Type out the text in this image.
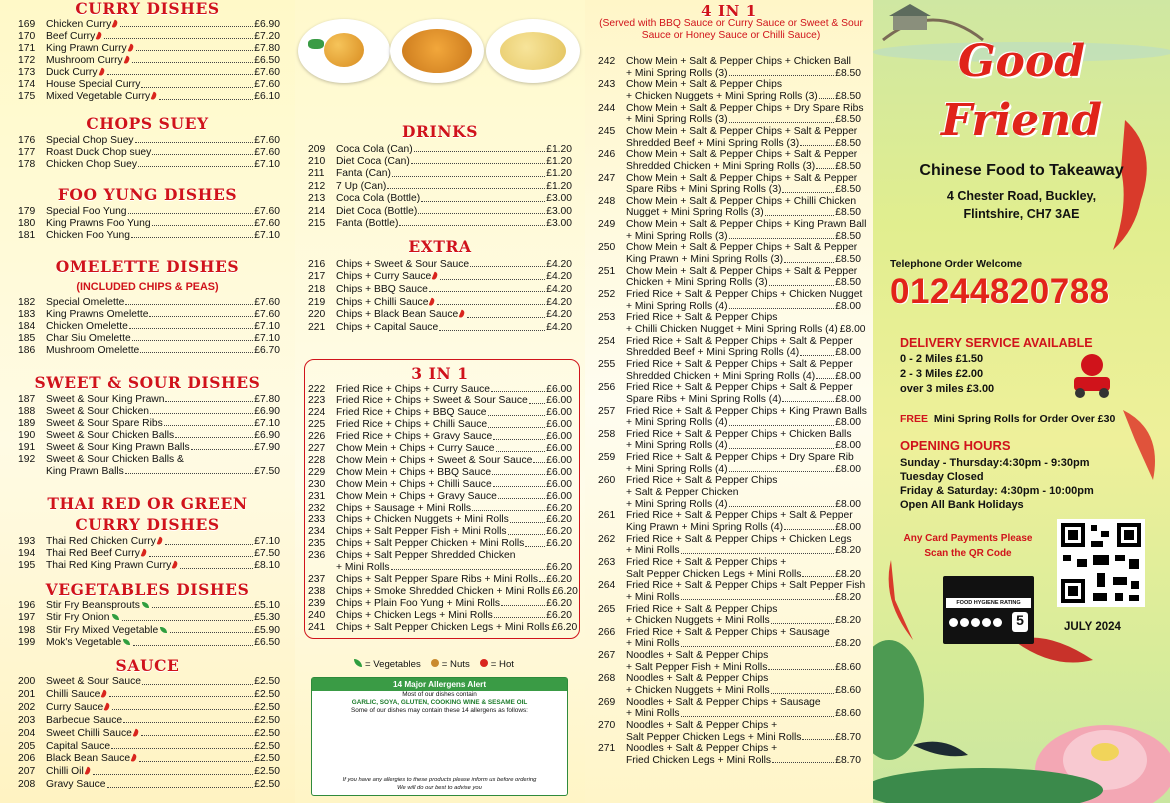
CURRY DISHES
169	Chicken Curry	£6.90
170	Beef Curry	£7.20
171	King Prawn Curry	£7.80
172	Mushroom Curry	£6.50
173	Duck Curry	£7.60
174	House Special Curry	£7.60
175	Mixed Vegetable Curry	£6.10
CHOPS SUEY
176	Special Chop Suey	£7.60
177	Roast Duck Chop suey	£7.60
178	Chicken Chop Suey	£7.10
FOO YUNG DISHES
179	Special Foo Yung	£7.60
180	King Prawns Foo Yung	£7.60
181	Chicken Foo Yung	£7.10
OMELETTE DISHES
182	Special Omelette	£7.60
183	King Prawns Omelette	£7.60
184	Chicken Omelette	£7.10
185	Char Siu Omelette	£7.10
186	Mushroom Omelette	£6.70
(INCLUDED CHIPS & PEAS)
SWEET & SOUR DISHES
187	Sweet & Sour King Prawn	£7.80
188	Sweet & Sour Chicken	£6.90
189	Sweet & Sour Spare Ribs	£7.10
190	Sweet & Sour Chicken Balls	£6.90
191	Sweet & Sour King Prawn Balls	£7.90
192	Sweet & Sour Chicken Balls &
King Prawn Balls	£7.50
THAI RED OR GREEN
193	Thai Red Chicken Curry	£7.10
194	Thai Red Beef Curry	£7.50
195	Thai Red King Prawn Curry	£8.10
CURRY DISHES
VEGETABLES DISHES
196	Stir Fry Beansprouts	£5.10
197	Stir Fry Onion	£5.30
198	Stir Fry Mixed Vegetable	£5.90
199	Mok's Vegetable	£6.50
SAUCE
200	Sweet & Sour Sauce	£2.50
201	Chilli Sauce	£2.50
202	Curry Sauce	£2.50
203	Barbecue Sauce	£2.50
204	Sweet Chilli Sauce	£2.50
205	Capital Sauce	£2.50
206	Black Bean Sauce	£2.50
207	Chilli Oil	£2.50
208	Gravy Sauce	£2.50
DRINKS
209	Coca Cola (Can)	£1.20
210	Diet Coca (Can)	£1.20
211	Fanta (Can)	£1.20
212	7 Up (Can)	£1.20
213	Coca Cola (Bottle)	£3.00
214	Diet Coca (Bottle)	£3.00
215	Fanta (Bottle)	£3.00
EXTRA
216	Chips + Sweet & Sour Sauce	£4.20
217	Chips + Curry Sauce	£4.20
218	Chips + BBQ Sauce	£4.20
219	Chips + Chilli Sauce	£4.20
220	Chips + Black Bean Sauce	£4.20
221	Chips + Capital Sauce	£4.20
3 IN 1
222	Fried Rice + Chips + Curry Sauce	£6.00
223	Fried Rice + Chips + Sweet & Sour Sauce £6.00
224	Fried Rice + Chips + BBQ Sauce	£6.00
225	Fried Rice + Chips + Chilli Sauce	£6.00
226	Fried Rice + Chips + Gravy Sauce	£6.00
227	Chow Mein + Chips + Curry Sauce	£6.00
228	Chow Mein + Chips + Sweet & Sour Sauce £6.00
229	Chow Mein + Chips + BBQ Sauce	£6.00
230	Chow Mein + Chips + Chilli Sauce	£6.00
231	Chow Mein + Chips + Gravy Sauce	£6.00
232	Chips + Sausage + Mini Rolls	£6.20
233	Chips + Chicken Nuggets + Mini Rolls	£6.20
234	Chips + Salt Pepper Fish + Mini Rolls	£6.20
235	Chips + Salt Pepper Chicken + Mini Rolls £6.20
236	Chips + Salt Pepper Shredded Chicken
+ Mini Rolls	£6.20
237	Chips + Salt Pepper Spare Ribs + Mini Rolls £6.20
238	Chips + Smoke Shredded Chicken + Mini Rolls £6.20
239	Chips + Plain Foo Yung + Mini Rolls	£6.20
240	Chips + Chicken Legs + Mini Rolls	£6.20
241	Chips + Salt Pepper Chicken Legs + Mini Rolls £6.20
= Vegetables	= Nuts	= Hot
14 Major Allergens Alert
Most of our dishes contain
GARLIC, SOYA, GLUTEN, COOKING WINE & SESAME OIL
Some of our dishes may contain these 14 allergens as follows:
If you have any allergies to these products please inform us before ordering
We will do our best to advise you
4 IN 1
(Served with BBQ Sauce or Curry Sauce or Sweet & Sour Sauce or Honey Sauce or Chilli Sauce)
242	Chow Mein + Salt & Pepper Chips + Chicken Ball
+ Mini Spring Rolls (3)	£8.50
243	Chow Mein + Salt & Pepper Chips
+ Chicken Nuggets + Mini Spring Rolls (3) £8.50
244	Chow Mein + Salt & Pepper Chips + Dry Spare Ribs
+ Mini Spring Rolls (3)	£8.50
245	Chow Mein + Salt & Pepper Chips + Salt & Pepper
Shredded Beef + Mini Spring Rolls (3)	£8.50
246	Chow Mein + Salt & Pepper Chips + Salt & Pepper
Shredded Chicken + Mini Spring Rolls (3) £8.50
247	Chow Mein + Salt & Pepper Chips + Salt & Pepper
Spare Ribs + Mini Spring Rolls (3)	£8.50
248	Chow Mein + Salt & Pepper Chips + Chilli Chicken
Nugget + Mini Spring Rolls (3)	£8.50
249	Chow Mein + Salt & Pepper Chips + King Prawn Ball
+ Mini Spring Rolls (3)	£8.50
250	Chow Mein + Salt & Pepper Chips + Salt & Pepper
King Prawn + Mini Spring Rolls (3)	£8.50
251	Chow Mein + Salt & Pepper Chips + Salt & Pepper
Chicken + Mini Spring Rolls (3)	£8.50
252	Fried Rice + Salt & Pepper Chips + Chicken Nugget
+ Mini Spring Rolls (4)	£8.00
253	Fried Rice + Salt & Pepper Chips
+ Chilli Chicken Nugget + Mini Spring Rolls (4) £8.00
254	Fried Rice + Salt & Pepper Chips + Salt & Pepper
Shredded Beef + Mini Spring Rolls (4)	£8.00
255	Fried Rice + Salt & Pepper Chips + Salt & Pepper
Shredded Chicken + Mini Spring Rolls (4) £8.00
256	Fried Rice + Salt & Pepper Chips + Salt & Pepper
Spare Ribs + Mini Spring Rolls (4)	£8.00
257	Fried Rice + Salt & Pepper Chips + King Prawn Balls
+ Mini Spring Rolls (4)	£8.00
258	Fried Rice + Salt & Pepper Chips + Chicken Balls
+ Mini Spring Rolls (4)	£8.00
259	Fried Rice + Salt & Pepper Chips + Dry Spare Rib
+ Mini Spring Rolls (4)	£8.00
260	Fried Rice + Salt & Pepper Chips
+ Salt & Pepper Chicken
+ Mini Spring Rolls (4)	£8.00
261	Fried Rice + Salt & Pepper Chips + Salt & Pepper
King Prawn + Mini Spring Rolls (4)	£8.00
262	Fried Rice + Salt & Pepper Chips + Chicken Legs
+ Mini Rolls	£8.20
263	Fried Rice + Salt & Pepper Chips +
Salt Pepper Chicken Legs + Mini Rolls	£8.20
264	Fried Rice + Salt & Pepper Chips + Salt Pepper Fish
+ Mini Rolls	£8.20
265	Fried Rice + Salt & Pepper Chips
+ Chicken Nuggets + Mini Rolls	£8.20
266	Fried Rice + Salt & Pepper Chips + Sausage
+ Mini Rolls	£8.20
267	Noodles + Salt & Pepper Chips
+ Salt Pepper Fish + Mini Rolls	£8.60
268	Noodles + Salt & Pepper Chips
+ Chicken Nuggets + Mini Rolls	£8.60
269	Noodles + Salt & Pepper Chips + Sausage
+ Mini Rolls	£8.60
270	Noodles + Salt & Pepper Chips +
Salt Pepper Chicken Legs + Mini Rolls	£8.70
271	Noodles + Salt & Pepper Chips +
Fried Chicken Legs + Mini Rolls	£8.70
Good
Friend
Chinese Food to Takeaway
4 Chester Road, Buckley,
Flintshire, CH7 3AE
Telephone Order Welcome
01244820788
DELIVERY SERVICE AVAILABLE
0 - 2 Miles £1.50
2 - 3 Miles £2.00
over 3 miles £3.00
FREE Mini Spring Rolls for Order Over £30
OPENING HOURS
Sunday - Thursday:4:30pm - 9:30pm
Tuesday Closed
Friday & Saturday: 4:30pm - 10:00pm
Open All Bank Holidays
Any Card Payments Please
Scan the QR Code
FOOD HYGIENE RATING
5	JULY 2024
